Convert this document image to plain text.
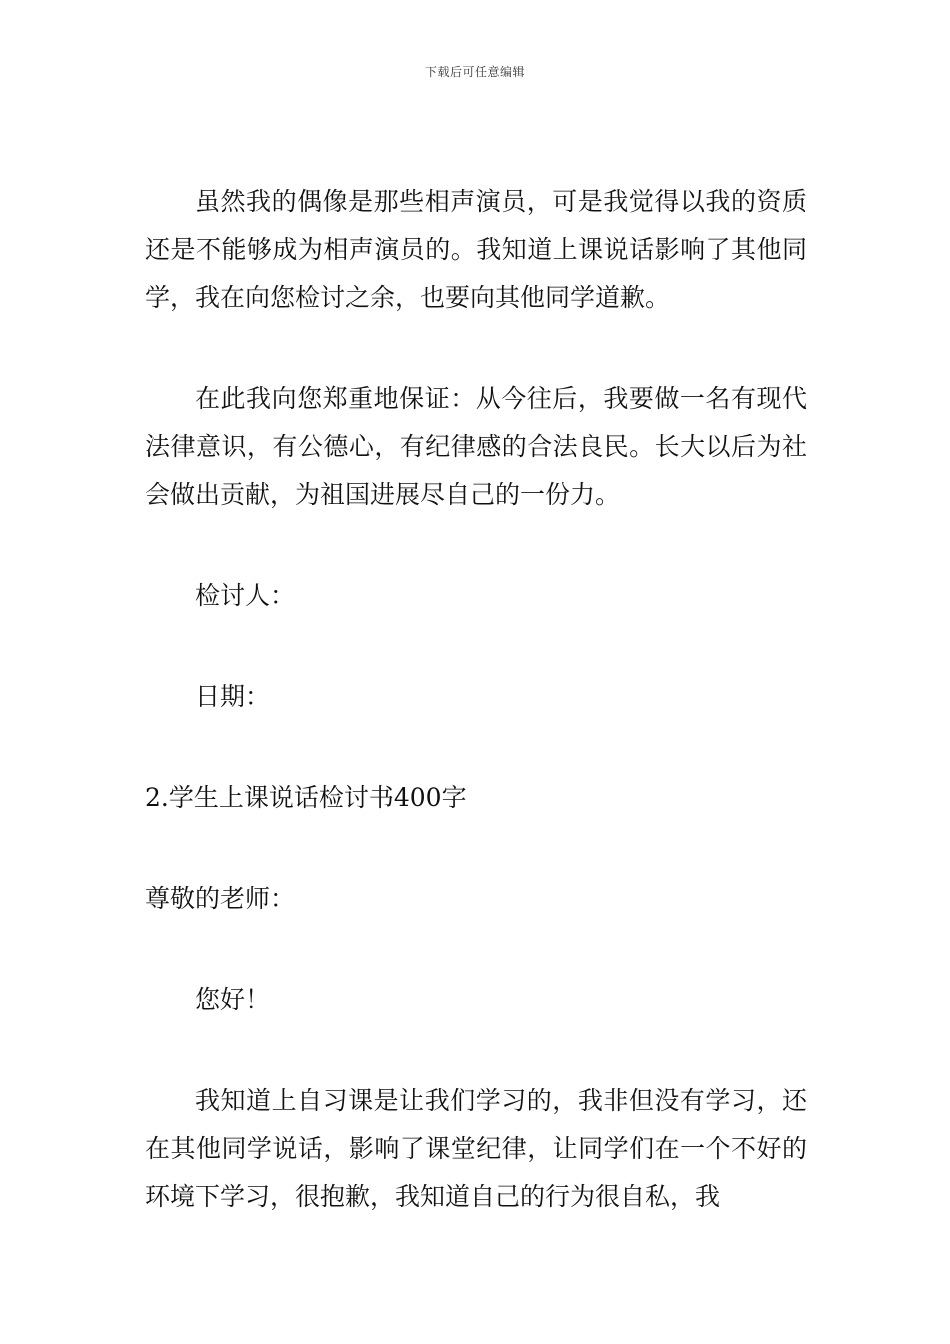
下载后可任意编辑

虽然我的偶像是那些相声演员，可是我觉得以我的资质还是不能够成为相声演员的。我知道上课说话影响了其他同学，我在向您检讨之余，也要向其他同学道歉。

在此我向您郑重地保证：从今往后，我要做一名有现代法律意识，有公德心，有纪律感的合法良民。长大以后为社会做出贡献，为祖国进展尽自己的一份力。

检讨人：

日期：

2.学生上课说话检讨书400字

尊敬的老师：

您好！

我知道上自习课是让我们学习的，我非但没有学习，还在其他同学说话，影响了课堂纪律，让同学们在一个不好的环境下学习，很抱歉，我知道自己的行为很自私，我
